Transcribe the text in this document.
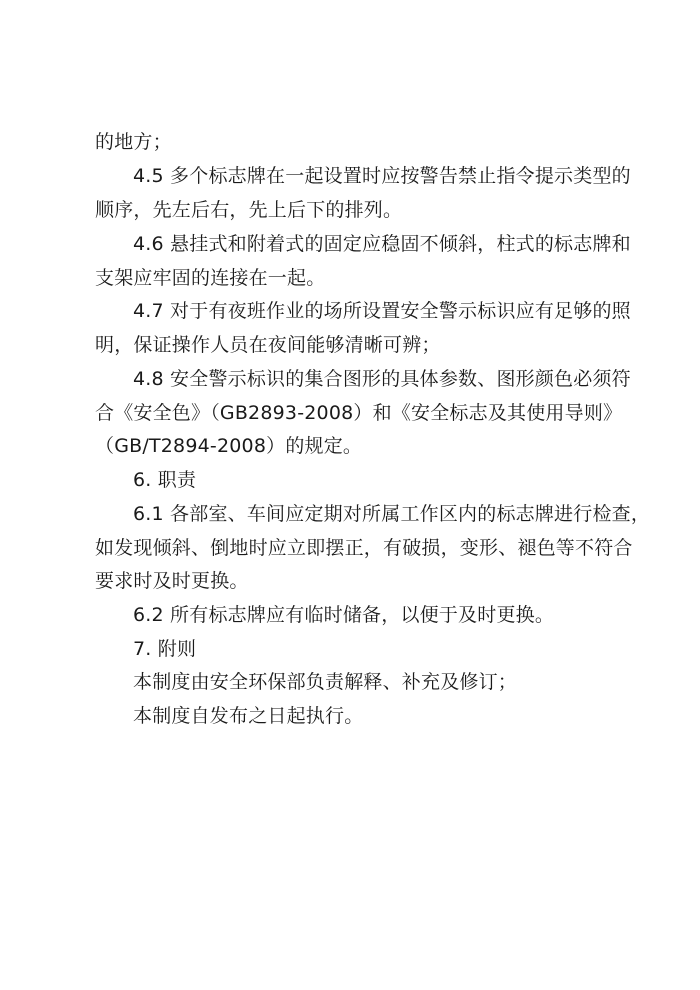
的地方；
4.5 多个标志牌在一起设置时应按警告禁止指令提示类型的
顺序，先左后右，先上后下的排列。
4.6 悬挂式和附着式的固定应稳固不倾斜，柱式的标志牌和
支架应牢固的连接在一起。
4.7 对于有夜班作业的场所设置安全警示标识应有足够的照
明，保证操作人员在夜间能够清晰可辨；
4.8 安全警示标识的集合图形的具体参数、图形颜色必须符
合《安全色》（GB2893-2008）和《安全标志及其使用导则》
（GB/T2894-2008）的规定。
6. 职责
6.1 各部室、车间应定期对所属工作区内的标志牌进行检查，
如发现倾斜、倒地时应立即摆正，有破损，变形、褪色等不符合
要求时及时更换。
6.2 所有标志牌应有临时储备，以便于及时更换。
7. 附则
本制度由安全环保部负责解释、补充及修订；
本制度自发布之日起执行。
